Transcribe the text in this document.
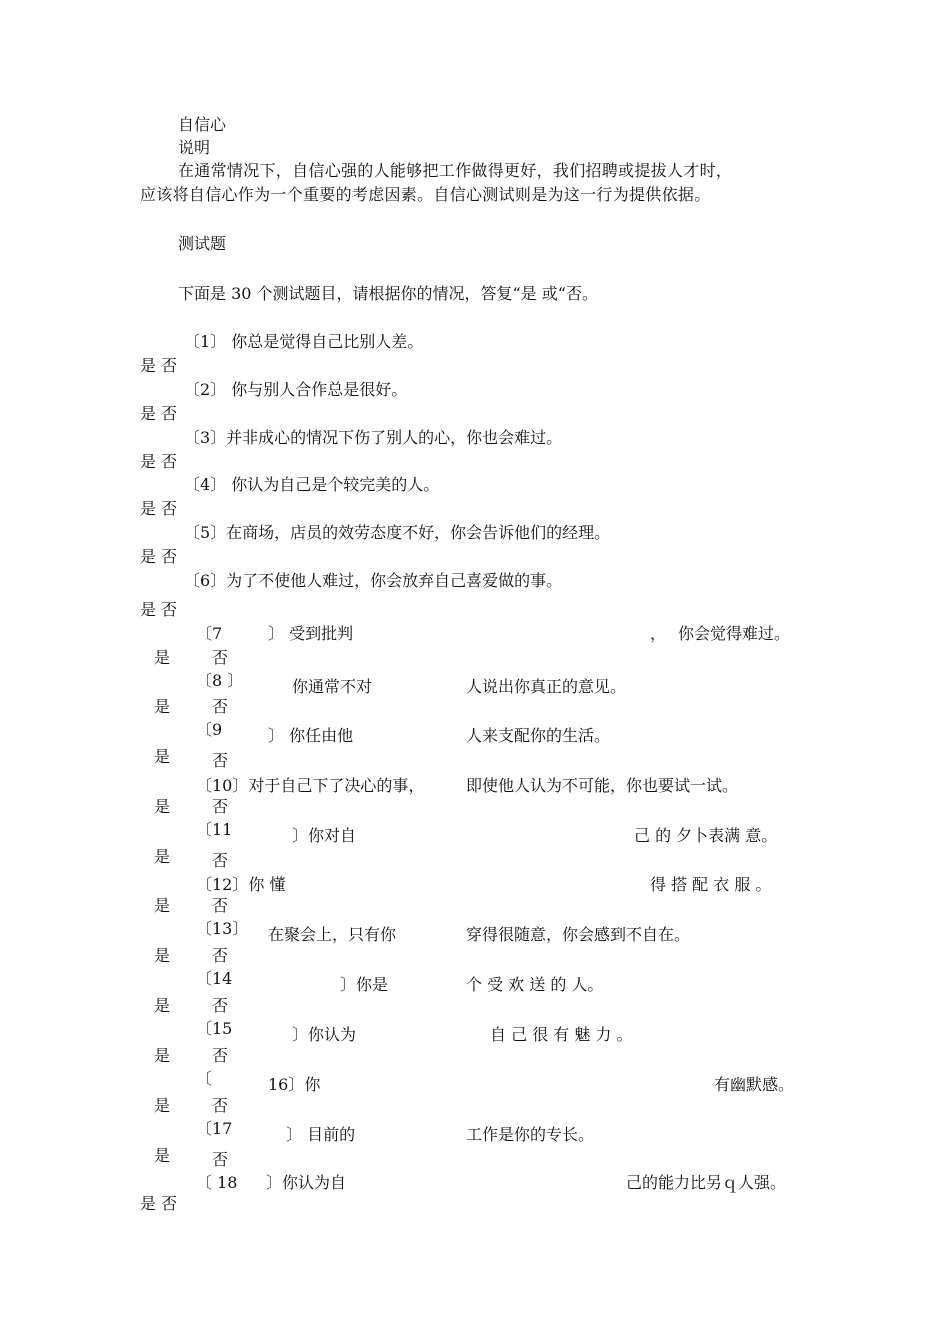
自信心
说明
在通常情况下，自信心强的人能够把工作做得更好，我们招聘或提拔人才时，
应该将自信心作为一个重要的考虑因素。自信心测试则是为这一行为提供依据。
测试题
下面是 30 个测试题目，请根据你的情况，答复“是 或“否。
〔1〕 你总是觉得自己比别人差。
是 否
〔2〕 你与别人合作总是很好。
是 否
〔3〕并非成心的情况下伤了别人的心，你也会难过。
是 否
〔4〕 你认为自己是个较完美的人。
是 否
〔5〕在商场，店员的效劳态度不好，你会告诉他们的经理。
是 否
〔6〕为了不使他人难过，你会放弃自己喜爱做的事。
是 否
〔7	〕 受到批判	， 你会觉得难过。
是	否
〔8 〕	你通常不对	人说出你真正的意见。
是	否
〔9	〕 你任由他	人来支配你的生活。
是	否
〔10〕对于自己下了决心的事，	即使他人认为不可能，你也要试一试。
是	否
〔11	〕你对自	己 的 夕卜表满 意。
是	否
〔12〕你 懂	得 搭 配 衣 服 。
是	否
〔13〕 在聚会上，只有你	穿得很随意，你会感到不自在。
是	否
〔14	〕你是	个 受 欢 送 的 人。
是	否
〔15	〕你认为	自 己 很 有 魅 力 。
是	否
〔	16〕你	有幽默感。
是	否
〔17	〕 目前的	工作是你的专长。
是	否
〔 18 〕你认为自	己的能力比另ｑ人强。
是 否
